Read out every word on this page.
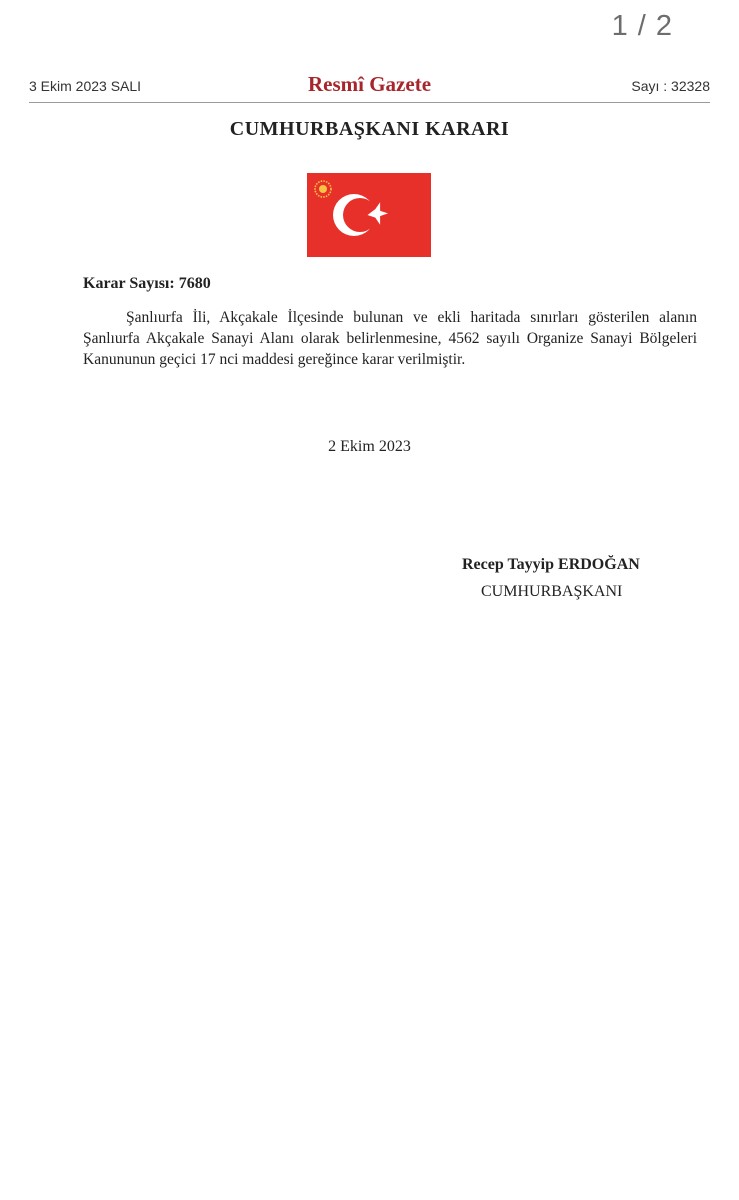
1 / 2
3 Ekim 2023 SALI	Resmî Gazete	Sayı : 32328
CUMHURBAŞKANI KARARI
Karar Sayısı: 7680
Şanlıurfa İli, Akçakale İlçesinde bulunan ve ekli haritada sınırları gösterilen alanın Şanlıurfa Akçakale Sanayi Alanı olarak belirlenmesine, 4562 sayılı Organize Sanayi Bölgeleri Kanununun geçici 17 nci maddesi gereğince karar verilmiştir.
2 Ekim 2023
Recep Tayyip ERDOĞAN
CUMHURBAŞKANI
